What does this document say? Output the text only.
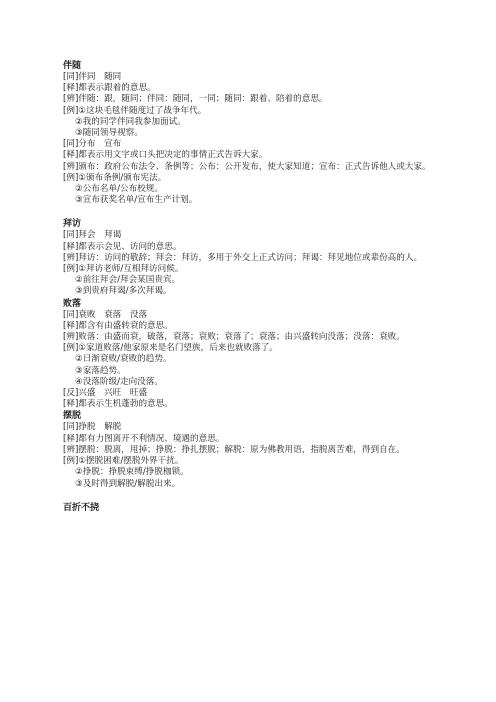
伴随
[同]伴同　随同
[释]都表示跟着的意思。
[辨]伴随：跟，随同；伴同：随同，一同；随同：跟着、陪着的意思。
[例]①这块毛毯伴随度过了战争年代。
②我的同学伴同我参加面试。
③随同领导视察。
[同]分布　宣布
[释]都表示用文字或口头把决定的事情正式告诉大家。
[辨]颁布：政府公布法令、条例等；公布：公开发布，使大家知道；宣布：正式告诉他人或大家。
[例]①颁布条例/颁布宪法。
②公布名单/公布校规。
③宣布获奖名单/宣布生产计划。
拜访
[同]拜会　拜谒
[释]都表示会见、访问的意思。
[辨]拜访：访问的敬辞；拜会：拜访，多用于外交上正式访问；拜谒：拜见地位或辈份高的人。
[例]①拜访老师/互相拜访问候。
②前往拜会/拜会某国贵宾。
③到贵府拜谒/多次拜谒。
败落
[同]衰败　衰落　没落
[释]都含有由盛转衰的意思。
[辨]败落：由盛而衰，破落，衰落；衰败；衰落了；衰落；由兴盛转向没落；没落：衰败。
[例]①家道败落/他家原来是名门望族，后来也就败落了。
②日渐衰败/衰败的趋势。
③家落趋势。
④没落阶级/走向没落。
[反]兴盛　兴旺　旺盛
[释]都表示生机蓬勃的意思。
摆脱
[同]挣脱　解脱
[释]都有力图离开不利情况、境遇的意思。
[辨]摆脱：脱离，甩掉；挣脱：挣扎摆脱；解脱：原为佛教用语，指脱离苦难，得到自在。
[例]①摆脱困难/摆脱外界干扰。
②挣脱：挣脱束缚/挣脱枷锁。
③及时得到解脱/解脱出来。
百折不挠
